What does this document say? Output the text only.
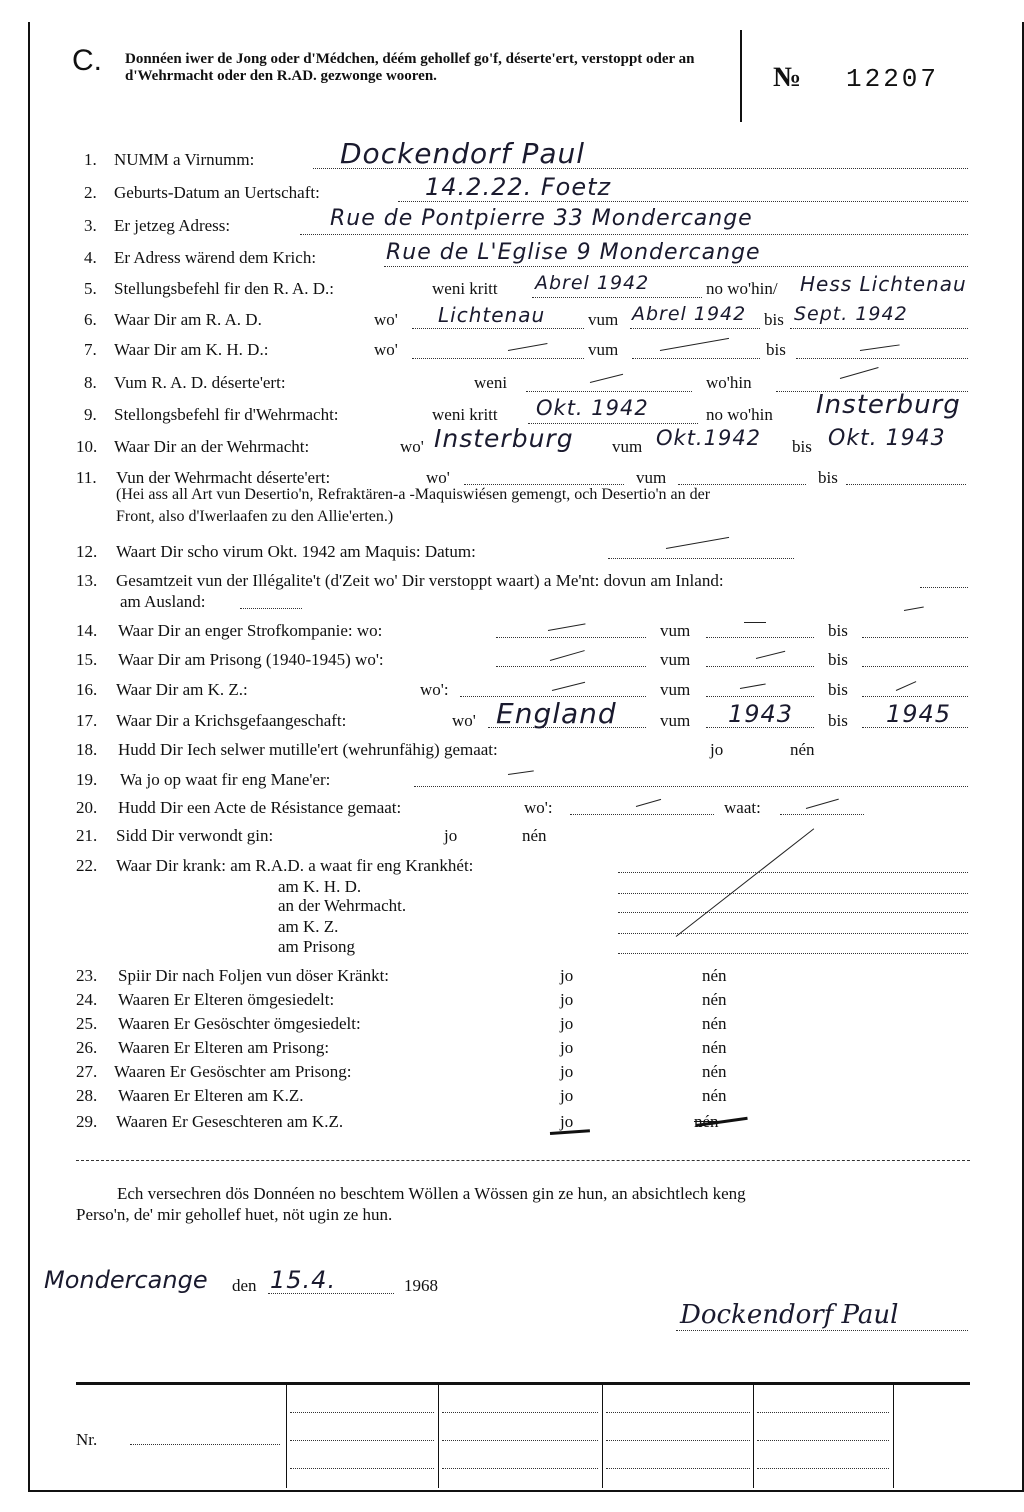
C. Donnéen iwer de Jong oder d'Médchen, déém gehollef go'f, déserte'ert, verstoppt oder an d'Wehrmacht oder den R.AD. gezwonge wooren.	№ 12207
1. NUMM a Virnumm:	Dockendorf Paul
2. Geburts-Datum an Uertschaft:	14.2.22. Foetz
3. Er jetzeg Adress:	Rue de Pontpierre 33 Mondercange
4. Er Adress wärend dem Krich:	Rue de L'Eglise 9 Mondercange
5. Stellungsbefehl fir den R. A. D.:	weni kritt Abrel 1942	no wo'hin/ Hess Lichtenau
6. Waar Dir am R. A. D.	wo' Lichtenau	vum Abrel 1942 bis Sept. 1942
7. Waar Dir am K. H. D.:	wo'	vum	bis
8. Vum R. A. D. déserte'ert:	weni	wo'hin
9. Stellongsbefehl fir d'Wehrmacht:	weni kritt Okt. 1942	no wo'hin Insterburg
10. Waar Dir an der Wehrmacht:	wo' Insterburg vum Okt.1942 bis Okt. 1943
11. Vun der Wehrmacht déserte'ert:	wo'	vum	bis
(Hei ass all Art vun Desertio'n, Refraktären-a -Maquiswiésen gemengt, och Desertio'n an der
Front, also d'Iwerlaafen zu den Allie'erten.)
12. Waart Dir scho virum Okt. 1942 am Maquis: Datum:
13. Gesamtzeit vun der Illégalite't (d'Zeit wo' Dir verstoppt waart) a Me'nt: dovun am Inland:
am Ausland:
14. Waar Dir an enger Strofkompanie: wo:	vum	bis
15. Waar Dir am Prisong (1940-1945) wo':	vum	bis
16. Waar Dir am K. Z.:	wo':	vum	bis
17. Waar Dir a Krichsgefaangeschaft:	wo' England	vum 1943 bis 1945
18. Hudd Dir Iech selwer mutille'ert (wehrunfähig) gemaat:	jo	nén
19. Wa jo op waat fir eng Mane'er:
20. Hudd Dir een Acte de Résistance gemaat:	wo':	waat:
21. Sidd Dir verwondt gin:	jo	nén
22. Waar Dir krank: am R.A.D. a waat fir eng Krankhét:
am K. H. D.
an der Wehrmacht.
am K. Z.
am Prisong
23. Spiir Dir nach Foljen vun döser Kränkt:	jo	nén
24. Waaren Er Elteren ömgesiedelt:	jo	nén
25. Waaren Er Gesöschter ömgesiedelt:	jo	nén
26. Waaren Er Elteren am Prisong:	jo	nén
27. Waaren Er Gesöschter am Prisong:	jo	nén
28. Waaren Er Elteren am K.Z.	jo	nén
29. Waaren Er Geseschteren am K.Z.	jo	nén
Ech versechren dös Donnéen no beschtem Wöllen a Wössen gin ze hun, an absichtlech keng
Perso'n, de' mir gehollef huet, nöt ugin ze hun.
Mondercange den 15.4.	1968
Dockendorf Paul
Nr.
